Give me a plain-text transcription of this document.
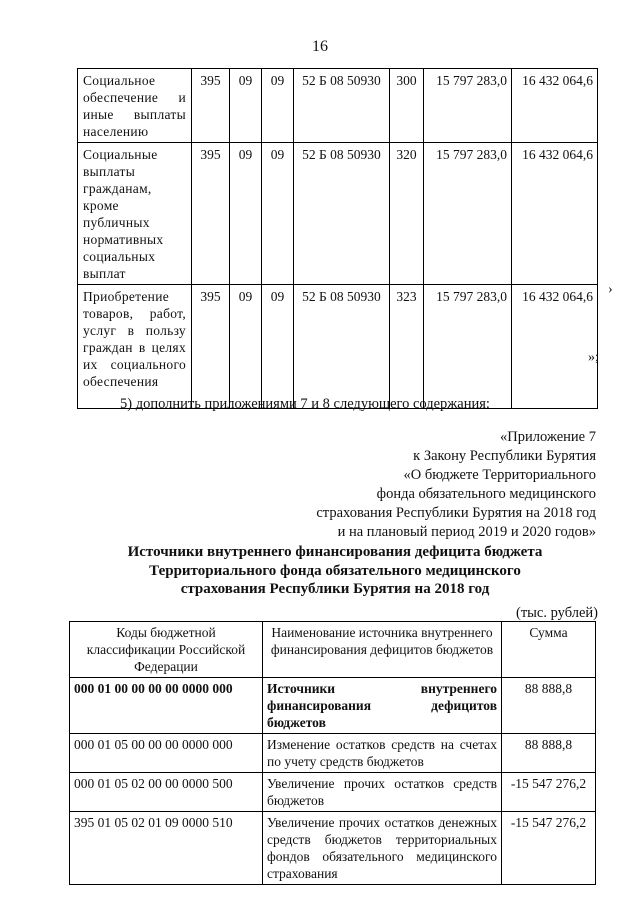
16
Социальное обеспечение и иные выплаты населению	395	09	09	52 Б 08 50930	300	15 797 283,0	16 432 064,6
Социальные выплаты гражданам, кроме публичных нормативных социальных выплат	395	09	09	52 Б 08 50930	320	15 797 283,0	16 432 064,6
Приобретение товаров, работ, услуг в пользу граждан в целях их социального обеспечения	395	09	09	52 Б 08 50930	323	15 797 283,0	16 432 064,6 ›
»;
5) дополнить приложениями 7 и 8 следующего содержания:
«Приложение 7
к Закону Республики Бурятия
«О бюджете Территориального
фонда обязательного медицинского
страхования Республики Бурятия на 2018 год
и на плановый период 2019 и 2020 годов»
Источники внутреннего финансирования дефицита бюджета
Территориального фонда обязательного медицинского
страхования Республики Бурятия на 2018 год
(тыс. рублей)
Коды бюджетной классификации Российской Федерации	Наименование источника внутреннего финансирования дефицитов бюджетов	Сумма
000 01 00 00 00 00 0000 000	Источники внутреннего финансирования дефицитов бюджетов	88 888,8
000 01 05 00 00 00 0000 000	Изменение остатков средств на счетах по учету средств бюджетов	88 888,8
000 01 05 02 00 00 0000 500	Увеличение прочих остатков средств бюджетов	-15 547 276,2
395 01 05 02 01 09 0000 510	Увеличение прочих остатков денежных средств бюджетов территориальных фондов обязательного медицинского страхования	-15 547 276,2
